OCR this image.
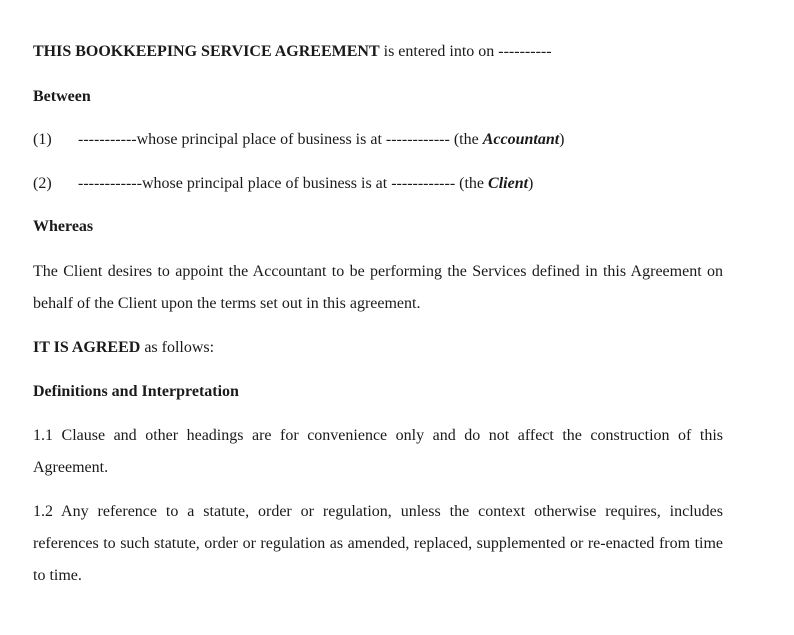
THIS BOOKKEEPING SERVICE AGREEMENT is entered into on ----------
Between
(1) -----------whose principal place of business is at ------------ (the Accountant)
(2) ------------whose principal place of business is at ------------ (the Client)
Whereas
The Client desires to appoint the Accountant to be performing the Services defined in this Agreement on behalf of the Client upon the terms set out in this agreement.
IT IS AGREED as follows:
Definitions and Interpretation
1.1 Clause and other headings are for convenience only and do not affect the construction of this Agreement.
1.2 Any reference to a statute, order or regulation, unless the context otherwise requires, includes references to such statute, order or regulation as amended, replaced, supplemented or re-enacted from time to time.
